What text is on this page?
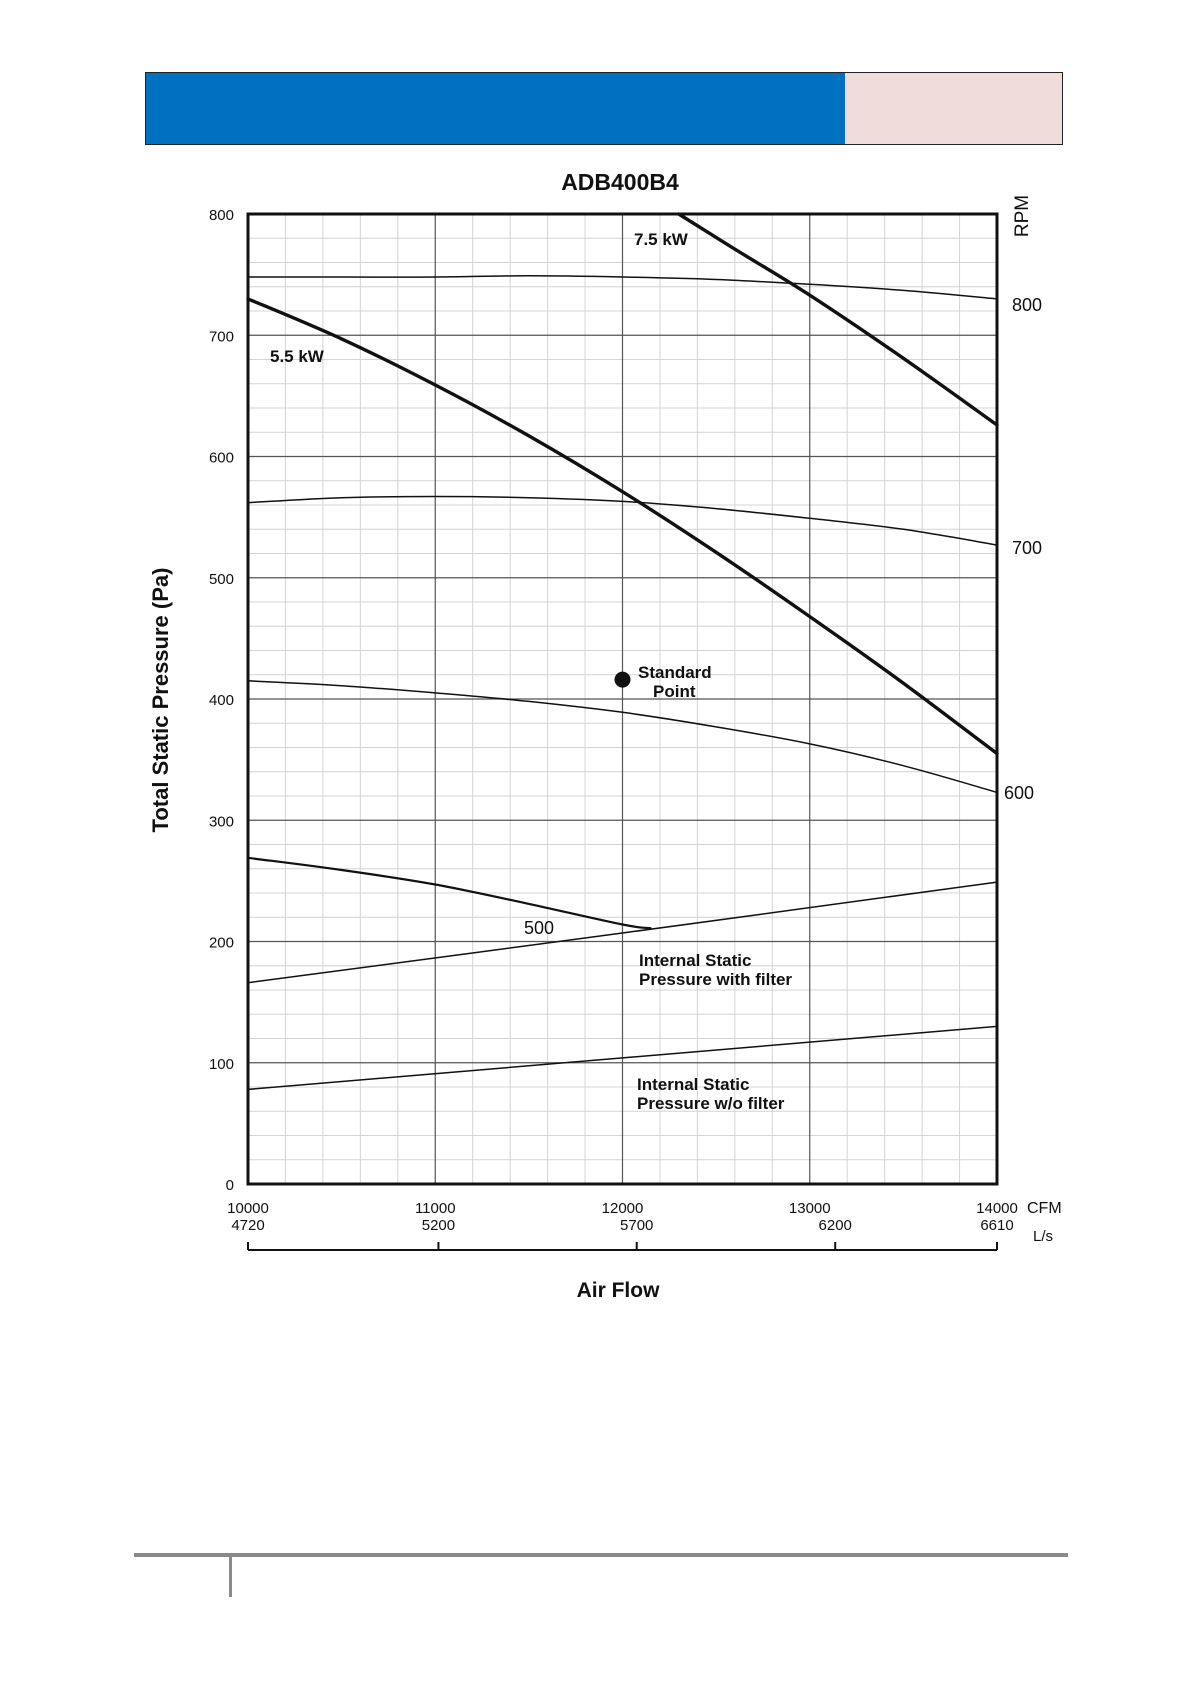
0
100
200
300
400
500
600
700
800
10000	11000	12000	13000	14000
4720	5200	5700	6200	6610
ADB400B4
Total Static Pressure (Pa)
RPM
Air Flow
CFM
L/s
800
700
600
500
5.5 kW
7.5 kW
Internal Static
Pressure with filter
Internal Static
Pressure w/o filter
Standard
Point
